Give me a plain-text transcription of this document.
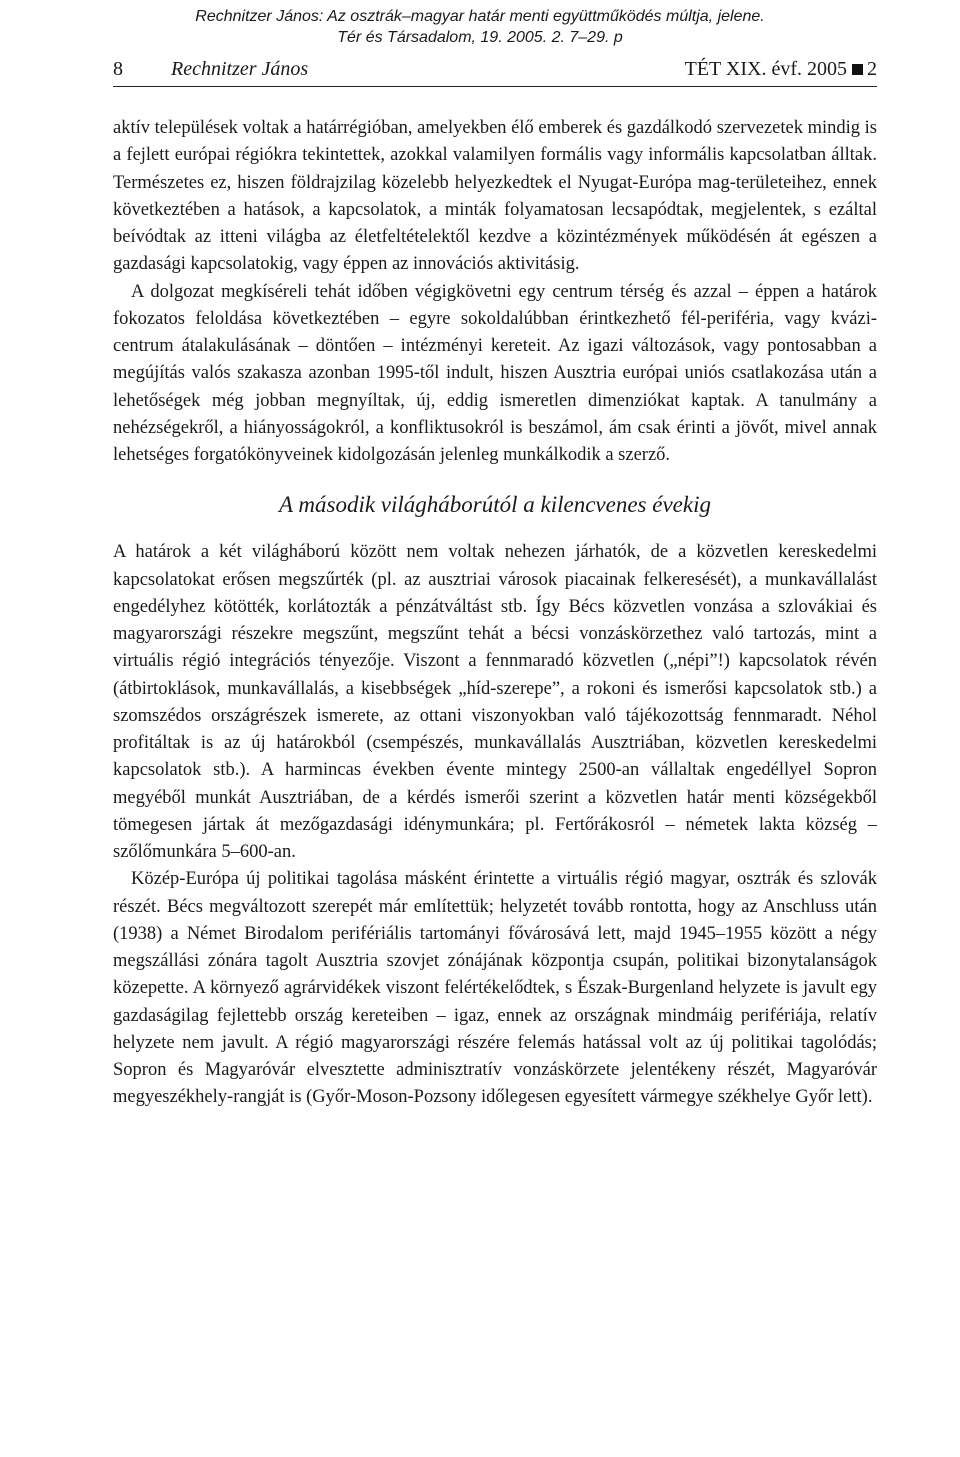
Rechnitzer János: Az osztrák–magyar határ menti együttműködés múltja, jelene.
Tér és Társadalom, 19. 2005. 2. 7–29. p
8 Rechnitzer János	TÉT XIX. évf. 2005 2

aktív települések voltak a határrégióban, amelyekben élő emberek és gazdálkodó szervezetek mindig is a fejlett európai régiókra tekintettek, azokkal valamilyen formális vagy informális kapcsolatban álltak. Természetes ez, hiszen földrajzilag közelebb helyezkedtek el Nyugat-Európa mag-területeihez, ennek következtében a hatások, a kapcsolatok, a minták folyamatosan lecsapódtak, megjelentek, s ezáltal beívódtak az itteni világba az életfeltételektől kezdve a közintézmények működésén át egészen a gazdasági kapcsolatokig, vagy éppen az innovációs aktivitásig.

A dolgozat megkíséreli tehát időben végigkövetni egy centrum térség és azzal – éppen a határok fokozatos feloldása következtében – egyre sokoldalúbban érintkezhető fél-periféria, vagy kvázi-centrum átalakulásának – döntően – intézményi kereteit. Az igazi változások, vagy pontosabban a megújítás valós szakasza azonban 1995-től indult, hiszen Ausztria európai uniós csatlakozása után a lehetőségek még jobban megnyíltak, új, eddig ismeretlen dimenziókat kaptak. A tanulmány a nehézségekről, a hiányosságokról, a konfliktusokról is beszámol, ám csak érinti a jövőt, mivel annak lehetséges forgatókönyveinek kidolgozásán jelenleg munkálkodik a szerző.

A második világháborútól a kilencvenes évekig

A határok a két világháború között nem voltak nehezen járhatók, de a közvetlen kereskedelmi kapcsolatokat erősen megszűrték (pl. az ausztriai városok piacainak felkeresését), a munkavállalást engedélyhez kötötték, korlátozták a pénzátváltást stb. Így Bécs közvetlen vonzása a szlovákiai és magyarországi részekre megszűnt, megszűnt tehát a bécsi vonzáskörzethez való tartozás, mint a virtuális régió integrációs tényezője. Viszont a fennmaradó közvetlen („népi”!) kapcsolatok révén (átbirtoklások, munkavállalás, a kisebbségek „híd-szerepe”, a rokoni és ismerősi kapcsolatok stb.) a szomszédos országrészek ismerete, az ottani viszonyokban való tájékozottság fennmaradt. Néhol profitáltak is az új határokból (csempészés, munkavállalás Ausztriában, közvetlen kereskedelmi kapcsolatok stb.). A harmincas években évente mintegy 2500-an vállaltak engedéllyel Sopron megyéből munkát Ausztriában, de a kérdés ismerői szerint a közvetlen határ menti községekből tömegesen jártak át mezőgazdasági idénymunkára; pl. Fertőrákosról – németek lakta község – szőlőmunkára 5–600-an.

Közép-Európa új politikai tagolása másként érintette a virtuális régió magyar, osztrák és szlovák részét. Bécs megváltozott szerepét már említettük; helyzetét tovább rontotta, hogy az Anschluss után (1938) a Német Birodalom perifériális tartományi fővárosává lett, majd 1945–1955 között a négy megszállási zónára tagolt Ausztria szovjet zónájának központja csupán, politikai bizonytalanságok közepette. A környező agrárvidékek viszont felértékelődtek, s Észak-Burgenland helyzete is javult egy gazdaságilag fejlettebb ország kereteiben – igaz, ennek az országnak mindmáig perifériája, relatív helyzete nem javult. A régió magyarországi részére felemás hatással volt az új politikai tagolódás; Sopron és Magyaróvár elvesztette adminisztratív vonzáskörzete jelentékeny részét, Magyaróvár megyeszékhely-rangját is (Győr-Moson-Pozsony időlegesen egyesített vármegye székhelye Győr lett).
